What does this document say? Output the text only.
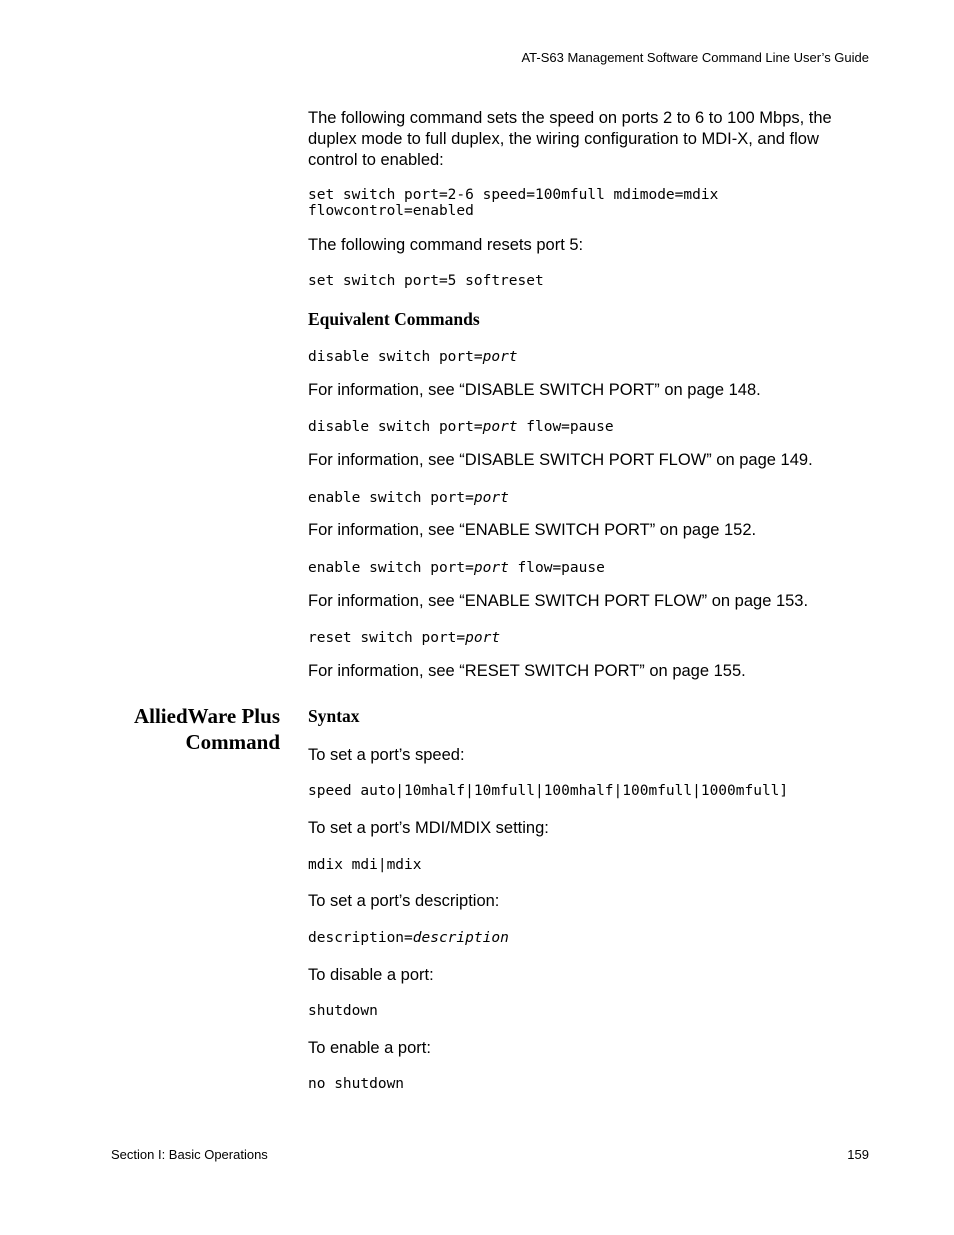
AT-S63 Management Software Command Line User’s Guide
The following command sets the speed on ports 2 to 6 to 100 Mbps, the duplex mode to full duplex, the wiring configuration to MDI-X, and flow control to enabled:
set switch port=2-6 speed=100mfull mdimode=mdix
flowcontrol=enabled
The following command resets port 5:
set switch port=5 softreset
Equivalent Commands
disable switch port=port
For information, see “DISABLE SWITCH PORT” on page 148.
disable switch port=port flow=pause
For information, see “DISABLE SWITCH PORT FLOW” on page 149.
enable switch port=port
For information, see “ENABLE SWITCH PORT” on page 152.
enable switch port=port flow=pause
For information, see “ENABLE SWITCH PORT FLOW” on page 153.
reset switch port=port
For information, see “RESET SWITCH PORT” on page 155.
AlliedWare Plus
Command
Syntax
To set a port’s speed:
speed auto|10mhalf|10mfull|100mhalf|100mfull|1000mfull]
To set a port’s MDI/MDIX setting:
mdix mdi|mdix
To set a port’s description:
description=description
To disable a port:
shutdown
To enable a port:
no shutdown
Section I: Basic Operations	159
